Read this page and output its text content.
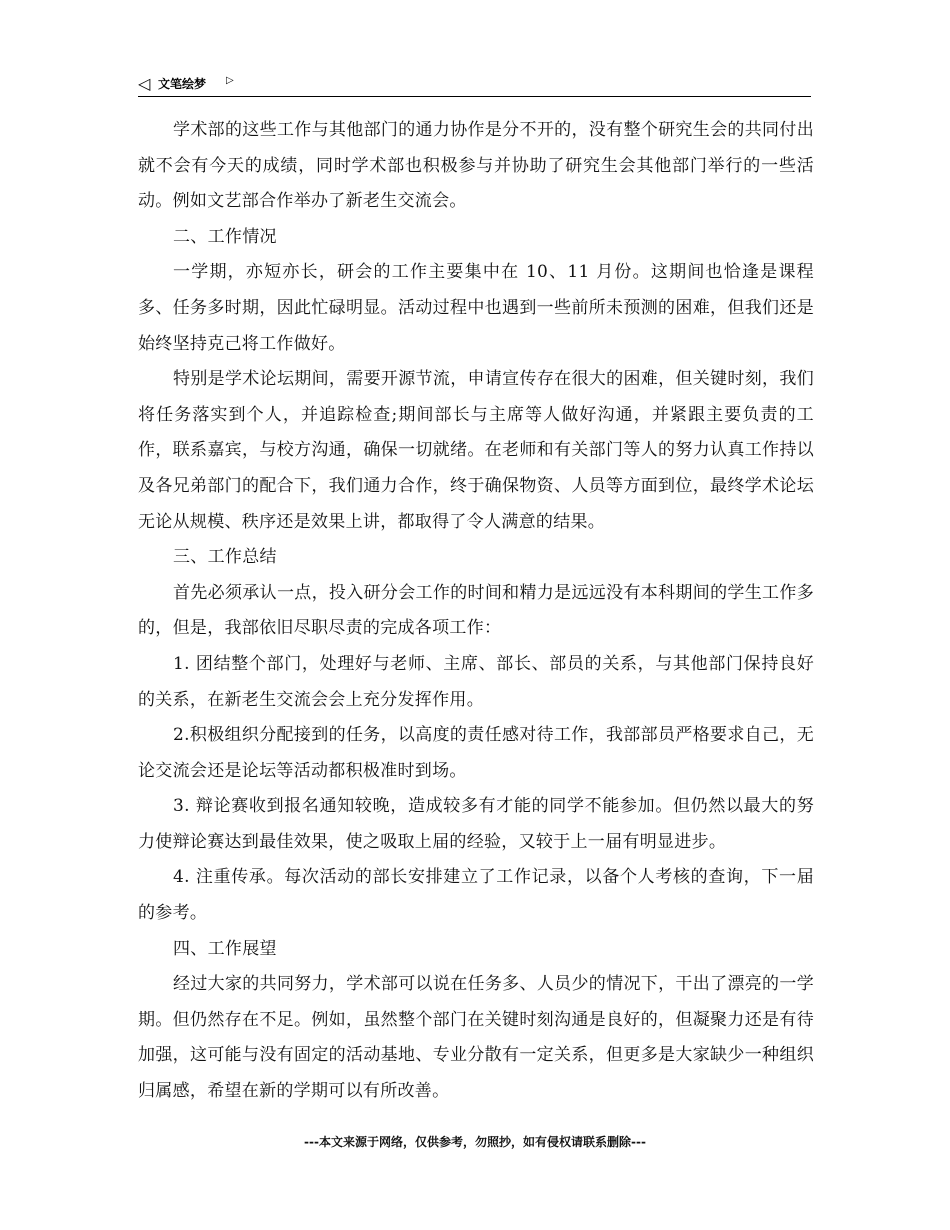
◁ 文笔绘梦 ▷

学术部的这些工作与其他部门的通力协作是分不开的，没有整个研究生会的共同付出就不会有今天的成绩，同时学术部也积极参与并协助了研究生会其他部门举行的一些活动。例如文艺部合作举办了新老生交流会。

二、工作情况

一学期，亦短亦长，研会的工作主要集中在 10、11 月份。这期间也恰逢是课程多、任务多时期，因此忙碌明显。活动过程中也遇到一些前所未预测的困难，但我们还是始终坚持克己将工作做好。

特别是学术论坛期间，需要开源节流，申请宣传存在很大的困难，但关键时刻，我们将任务落实到个人，并追踪检查;期间部长与主席等人做好沟通，并紧跟主要负责的工作，联系嘉宾，与校方沟通，确保一切就绪。在老师和有关部门等人的努力认真工作持以及各兄弟部门的配合下，我们通力合作，终于确保物资、人员等方面到位，最终学术论坛无论从规模、秩序还是效果上讲，都取得了令人满意的结果。

三、工作总结

首先必须承认一点，投入研分会工作的时间和精力是远远没有本科期间的学生工作多的，但是，我部依旧尽职尽责的完成各项工作：

1. 团结整个部门，处理好与老师、主席、部长、部员的关系，与其他部门保持良好的关系，在新老生交流会会上充分发挥作用。

2.积极组织分配接到的任务，以高度的责任感对待工作，我部部员严格要求自己，无论交流会还是论坛等活动都积极准时到场。

3. 辩论赛收到报名通知较晚，造成较多有才能的同学不能参加。但仍然以最大的努力使辩论赛达到最佳效果，使之吸取上届的经验，又较于上一届有明显进步。

4. 注重传承。每次活动的部长安排建立了工作记录，以备个人考核的查询，下一届的参考。

四、工作展望

经过大家的共同努力，学术部可以说在任务多、人员少的情况下，干出了漂亮的一学期。但仍然存在不足。例如，虽然整个部门在关键时刻沟通是良好的，但凝聚力还是有待加强，这可能与没有固定的活动基地、专业分散有一定关系，但更多是大家缺少一种组织归属感，希望在新的学期可以有所改善。

---本文来源于网络，仅供参考，勿照抄，如有侵权请联系删除---
